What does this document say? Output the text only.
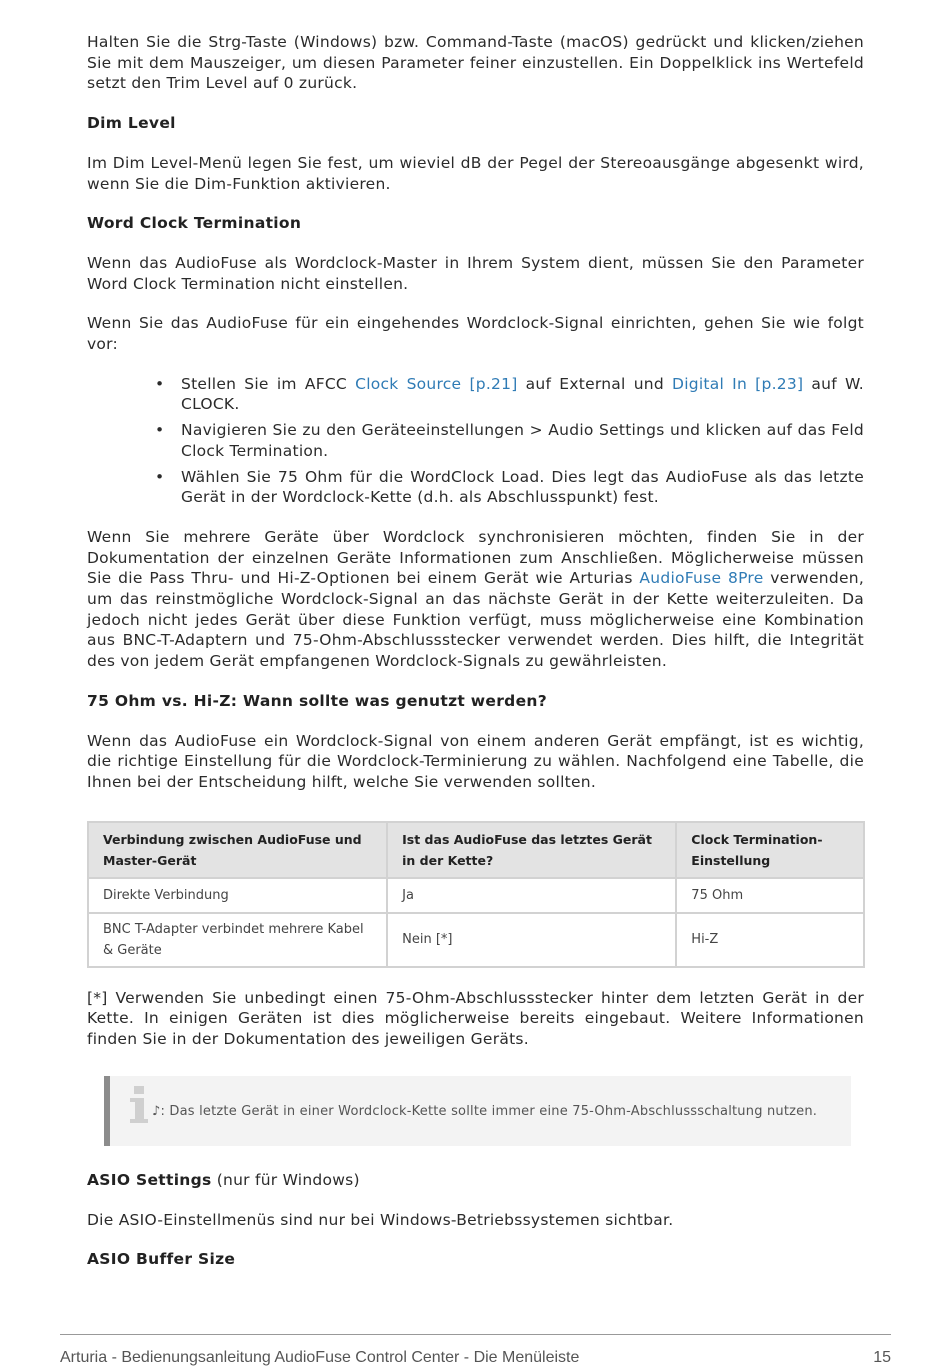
Halten Sie die Strg-Taste (Windows) bzw. Command-Taste (macOS) gedrückt und klicken/ziehen Sie mit dem Mauszeiger, um diesen Parameter feiner einzustellen. Ein Doppelklick ins Wertefeld setzt den Trim Level auf 0 zurück.

Dim Level

Im Dim Level-Menü legen Sie fest, um wieviel dB der Pegel der Stereoausgänge abgesenkt wird, wenn Sie die Dim-Funktion aktivieren.

Word Clock Termination

Wenn das AudioFuse als Wordclock-Master in Ihrem System dient, müssen Sie den Parameter Word Clock Termination nicht einstellen.

Wenn Sie das AudioFuse für ein eingehendes Wordclock-Signal einrichten, gehen Sie wie folgt vor:

• Stellen Sie im AFCC Clock Source [p.21] auf External und Digital In [p.23] auf W. CLOCK.
• Navigieren Sie zu den Geräteeinstellungen > Audio Settings und klicken auf das Feld Clock Termination.
• Wählen Sie 75 Ohm für die WordClock Load. Dies legt das AudioFuse als das letzte Gerät in der Wordclock-Kette (d.h. als Abschlusspunkt) fest.

Wenn Sie mehrere Geräte über Wordclock synchronisieren möchten, finden Sie in der Dokumentation der einzelnen Geräte Informationen zum Anschließen. Möglicherweise müssen Sie die Pass Thru- und Hi-Z-Optionen bei einem Gerät wie Arturias AudioFuse 8Pre verwenden, um das reinstmögliche Wordclock-Signal an das nächste Gerät in der Kette weiterzuleiten. Da jedoch nicht jedes Gerät über diese Funktion verfügt, muss möglicherweise eine Kombination aus BNC-T-Adaptern und 75-Ohm-Abschlussstecker verwendet werden. Dies hilft, die Integrität des von jedem Gerät empfangenen Wordclock-Signals zu gewährleisten.

75 Ohm vs. Hi-Z: Wann sollte was genutzt werden?

Wenn das AudioFuse ein Wordclock-Signal von einem anderen Gerät empfängt, ist es wichtig, die richtige Einstellung für die Wordclock-Terminierung zu wählen. Nachfolgend eine Tabelle, die Ihnen bei der Entscheidung hilft, welche Sie verwenden sollten.

Verbindung zwischen AudioFuse und Master-Gerät	Ist das AudioFuse das letztes Gerät in der Kette?	Clock Termination-Einstellung
Direkte Verbindung	Ja	75 Ohm
BNC T-Adapter verbindet mehrere Kabel & Geräte	Nein [*]	Hi-Z

[*] Verwenden Sie unbedingt einen 75-Ohm-Abschlussstecker hinter dem letzten Gerät in der Kette. In einigen Geräten ist dies möglicherweise bereits eingebaut. Weitere Informationen finden Sie in der Dokumentation des jeweiligen Geräts.

♪: Das letzte Gerät in einer Wordclock-Kette sollte immer eine 75-Ohm-Abschlussschaltung nutzen.

ASIO Settings (nur für Windows)

Die ASIO-Einstellmenüs sind nur bei Windows-Betriebssystemen sichtbar.

ASIO Buffer Size

Arturia - Bedienungsanleitung AudioFuse Control Center - Die Menüleiste	15
